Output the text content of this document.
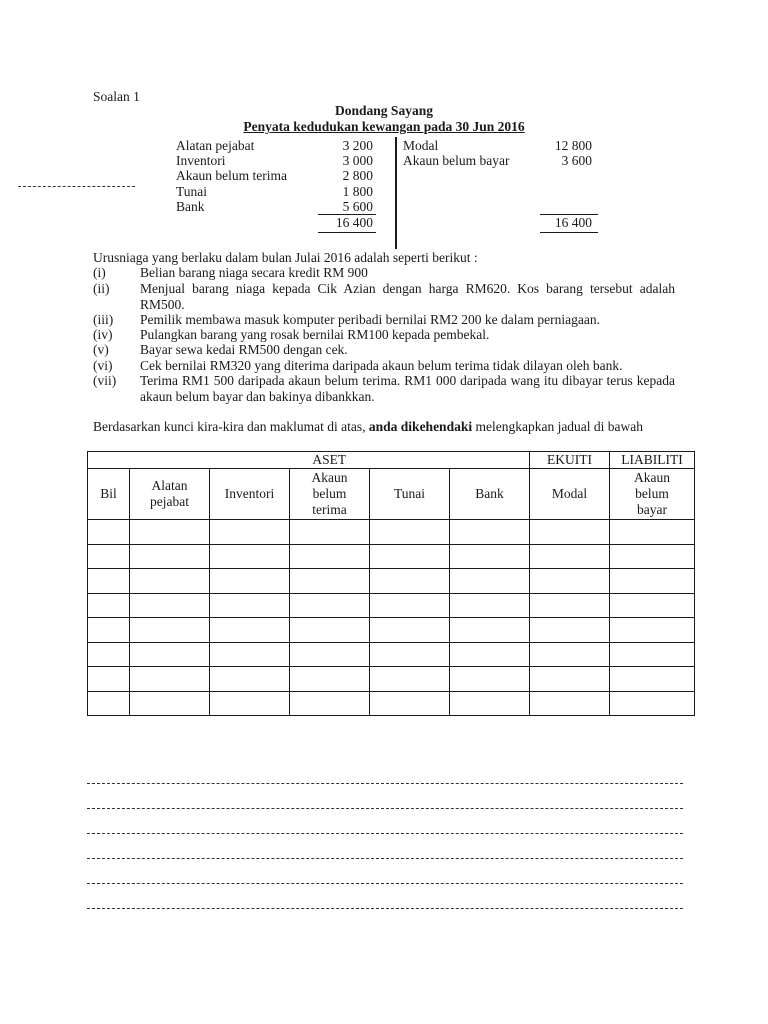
Soalan 1
Dondang Sayang
Penyata kedudukan kewangan pada 30 Jun 2016
Alatan pejabat	3 200
Inventori	3 000
Akaun belum terima	2 800
Tunai	1 800
Bank	5 600
16 400
Modal	12 800
Akaun belum bayar	3 600
16 400
Urusniaga yang berlaku dalam bulan Julai 2016 adalah seperti berikut :
(i)	Belian barang niaga secara kredit RM 900
(ii) Menjual barang niaga kepada Cik Azian dengan harga RM620. Kos barang tersebut adalah RM500.
(iii) Pemilik membawa masuk komputer peribadi bernilai RM2 200 ke dalam perniagaan.
(iv) Pulangkan barang yang rosak bernilai RM100 kepada pembekal.
(v) Bayar sewa kedai RM500 dengan cek.
(vi) Cek bernilai RM320 yang diterima daripada akaun belum terima tidak dilayan oleh bank.
(vii) Terima RM1 500 daripada akaun belum terima. RM1 000 daripada wang itu dibayar terus kepada akaun belum bayar dan bakinya dibankkan.
Berdasarkan kunci kira-kira dan maklumat di atas, anda dikehendaki melengkapkan jadual di bawah
	ASET					EKUITI	LIABILITI
Bil	Alatan pejabat	Inventori	Akaun belum terima	Tunai	Bank	Modal	Akaun belum bayar
